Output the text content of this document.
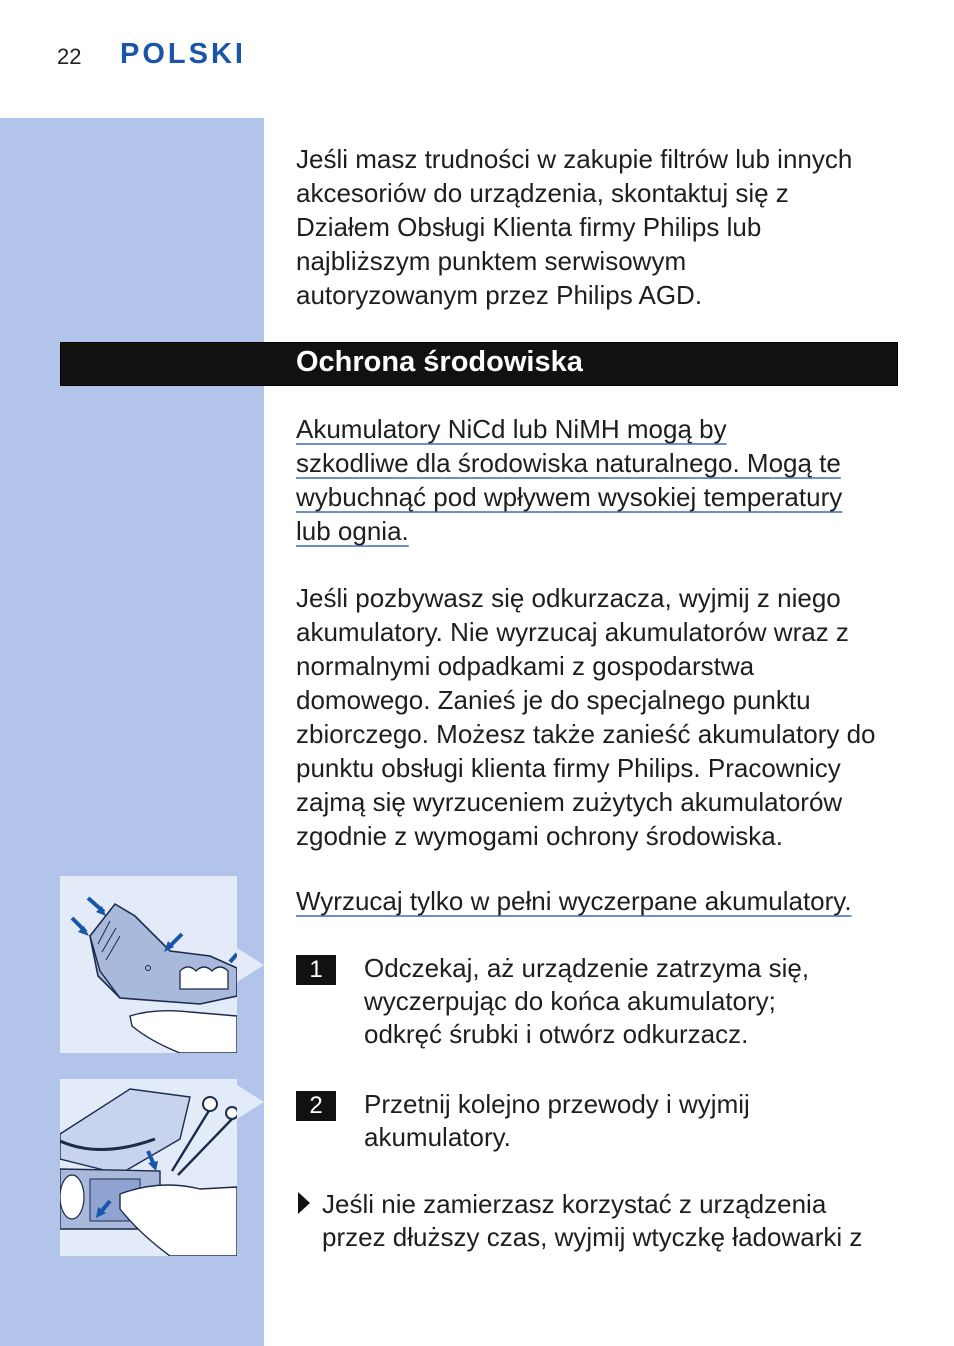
22 POLSKI

Jeśli masz trudności w zakupie filtrów lub innych
akcesoriów do urządzenia, skontaktuj się z
Działem Obsługi Klienta firmy Philips lub
najbliższym punktem serwisowym
autoryzowanym przez Philips AGD.

Ochrona środowiska

Akumulatory NiCd lub NiMH mogą by
szkodliwe dla środowiska naturalnego. Mogą te
wybuchnąć pod wpływem wysokiej temperatury
lub ognia.

Jeśli pozbywasz się odkurzacza, wyjmij z niego
akumulatory. Nie wyrzucaj akumulatorów wraz z
normalnymi odpadkami z gospodarstwa
domowego. Zanieś je do specjalnego punktu
zbiorczego. Możesz także zanieść akumulatory do
punktu obsługi klienta firmy Philips. Pracownicy
zajmą się wyrzuceniem zużytych akumulatorów
zgodnie z wymogami ochrony środowiska.

Wyrzucaj tylko w pełni wyczerpane akumulatory.

1	Odczekaj, aż urządzenie zatrzyma się,
wyczerpując do końca akumulatory;
odkręć śrubki i otwórz odkurzacz.
2	Przetnij kolejno przewody i wyjmij
akumulatory.
Jeśli nie zamierzasz korzystać z urządzenia
przez dłuższy czas, wyjmij wtyczkę ładowarki z
